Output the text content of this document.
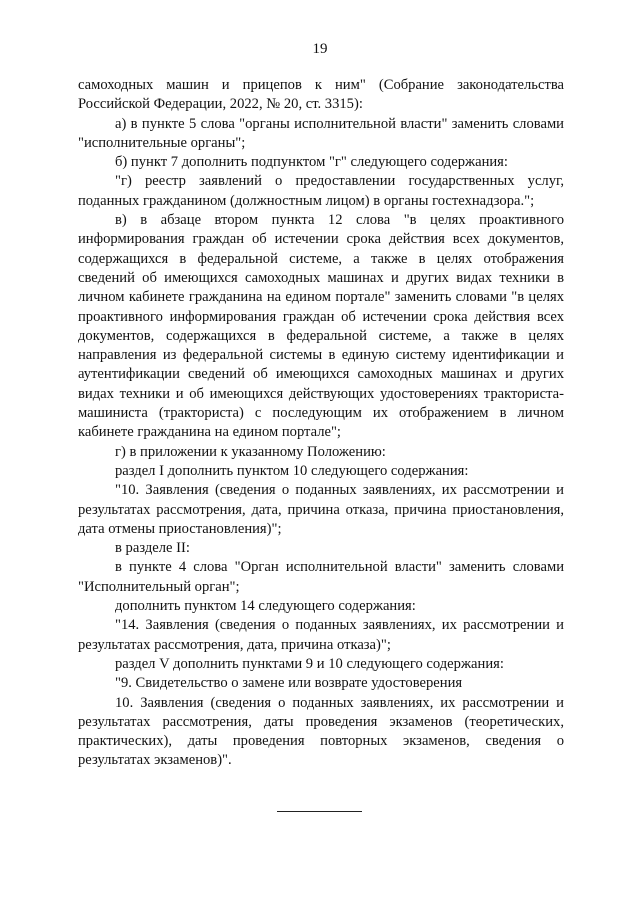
19

самоходных машин и прицепов к ним" (Собрание законодательства Российской Федерации, 2022, № 20, ст. 3315):

а) в пункте 5 слова "органы исполнительной власти" заменить словами "исполнительные органы";

б) пункт 7 дополнить подпунктом "г" следующего содержания:

"г) реестр заявлений о предоставлении государственных услуг, поданных гражданином (должностным лицом) в органы гостехнадзора.";

в) в абзаце втором пункта 12 слова "в целях проактивного информирования граждан об истечении срока действия всех документов, содержащихся в федеральной системе, а также в целях отображения сведений об имеющихся самоходных машинах и других видах техники в личном кабинете гражданина на едином портале" заменить словами "в целях проактивного информирования граждан об истечении срока действия всех документов, содержащихся в федеральной системе, а также в целях направления из федеральной системы в единую систему идентификации и аутентификации сведений об имеющихся самоходных машинах и других видах техники и об имеющихся действующих удостоверениях тракториста-машиниста (тракториста) с последующим их отображением в личном кабинете гражданина на едином портале";

г) в приложении к указанному Положению:

раздел I дополнить пунктом 10 следующего содержания:

"10. Заявления (сведения о поданных заявлениях, их рассмотрении и результатах рассмотрения, дата, причина отказа, причина приостановления, дата отмены приостановления)";

в разделе II:

в пункте 4 слова "Орган исполнительной власти" заменить словами "Исполнительный орган";

дополнить пунктом 14 следующего содержания:

"14. Заявления (сведения о поданных заявлениях, их рассмотрении и результатах рассмотрения, дата, причина отказа)";

раздел V дополнить пунктами 9 и 10 следующего содержания:

"9. Свидетельство о замене или возврате удостоверения

10. Заявления (сведения о поданных заявлениях, их рассмотрении и результатах рассмотрения, даты проведения экзаменов (теоретических, практических), даты проведения повторных экзаменов, сведения о результатах экзаменов)".
